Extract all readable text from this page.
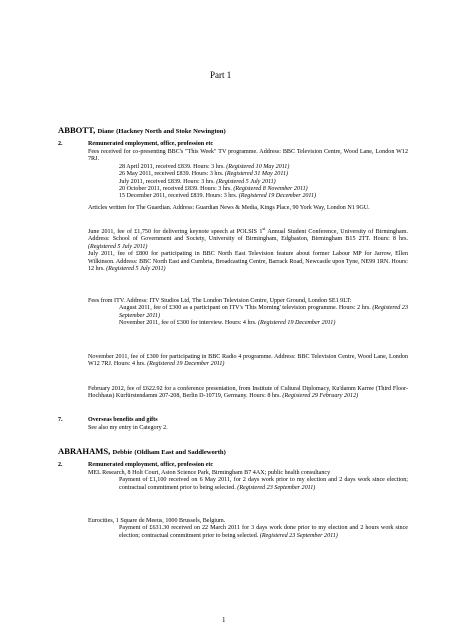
Part 1
ABBOTT, Diane (Hackney North and Stoke Newington)
2.	Remunerated employment, office, profession etc

Fees received for co-presenting BBC's "This Week" TV programme. Address: BBC Television Centre, Wood Lane, London W12 7RJ.

28 April 2011, received £839. Hours: 3 hrs. (Registered 10 May 2011)

26 May 2011, received £839. Hours: 3 hrs. (Registered 31 May 2011)

July 2011, received £839. Hours: 3 hrs. (Registered 5 July 2011)

20 October 2011, received £839. Hours: 3 hrs. (Registered 8 November 2011)

15 December 2011, received £839. Hours: 3 hrs. (Registered 19 December 2011)

Articles written for The Guardian. Address: Guardian News & Media, Kings Place, 90 York Way, London N1 9GU.

June 2011, fee of £1,750 for delivering keynote speech at POLSIS 1st Annual Student Conference, University of Birmingham. Address: School of Government and Society, University of Birmingham, Edgbaston, Birmingham B15 2TT. Hours: 8 hrs. (Registered 5 July 2011)

July 2011, fee of £800 for participating in BBC North East Television feature about former Labour MP for Jarrow, Ellen Wilkinson. Address: BBC North East and Cumbria, Broadcasting Centre, Barrack Road, Newcastle upon Tyne, NE99 1RN. Hours: 12 hrs. (Registered 5 July 2011)

Fees from ITV. Address: ITV Studios Ltd, The London Television Centre, Upper Ground, London SE1 9LT:

August 2011, fee of £300 as a participant on ITV's 'This Morning' television programme. Hours: 2 hrs. (Registered 23 September 2011)

November 2011, fee of £300 for interview. Hours: 4 hrs. (Registered 19 December 2011)

November 2011, fee of £300 for participating in BBC Radio 4 programme. Address: BBC Television Centre, Wood Lane, London W12 7RJ. Hours: 4 hrs. (Registered 19 December 2011)

February 2012, fee of £622.92 for a conference presentation, from Institute of Cultural Diplomacy, Ku'damm Karree (Third Floor-Hochhaus) Kurfürstendamm 207-208, Berlin D-10719, Germany. Hours: 8 hrs. (Registered 29 February 2012)

7.	Overseas benefits and gifts
See also my entry in Category 2.
ABRAHAMS, Debbie (Oldham East and Saddleworth)
2.	Remunerated employment, office, profession etc

MEL Research, 8 Holt Court, Aston Science Park, Birmingham B7 4AX; public health consultancy

Payment of £1,100 received on 6 May 2011, for 2 days work prior to my election and 2 days work since election; contractual commitment prior to being selected. (Registered 23 September 2011)

Eurocities, 1 Square de Meeus, 1000 Brussels, Belgium.

Payment of £631.30 received on 22 March 2011 for 3 days work done prior to my election and 2 hours work since election; contractual commitment prior to being selected. (Registered 23 September 2011)

1
